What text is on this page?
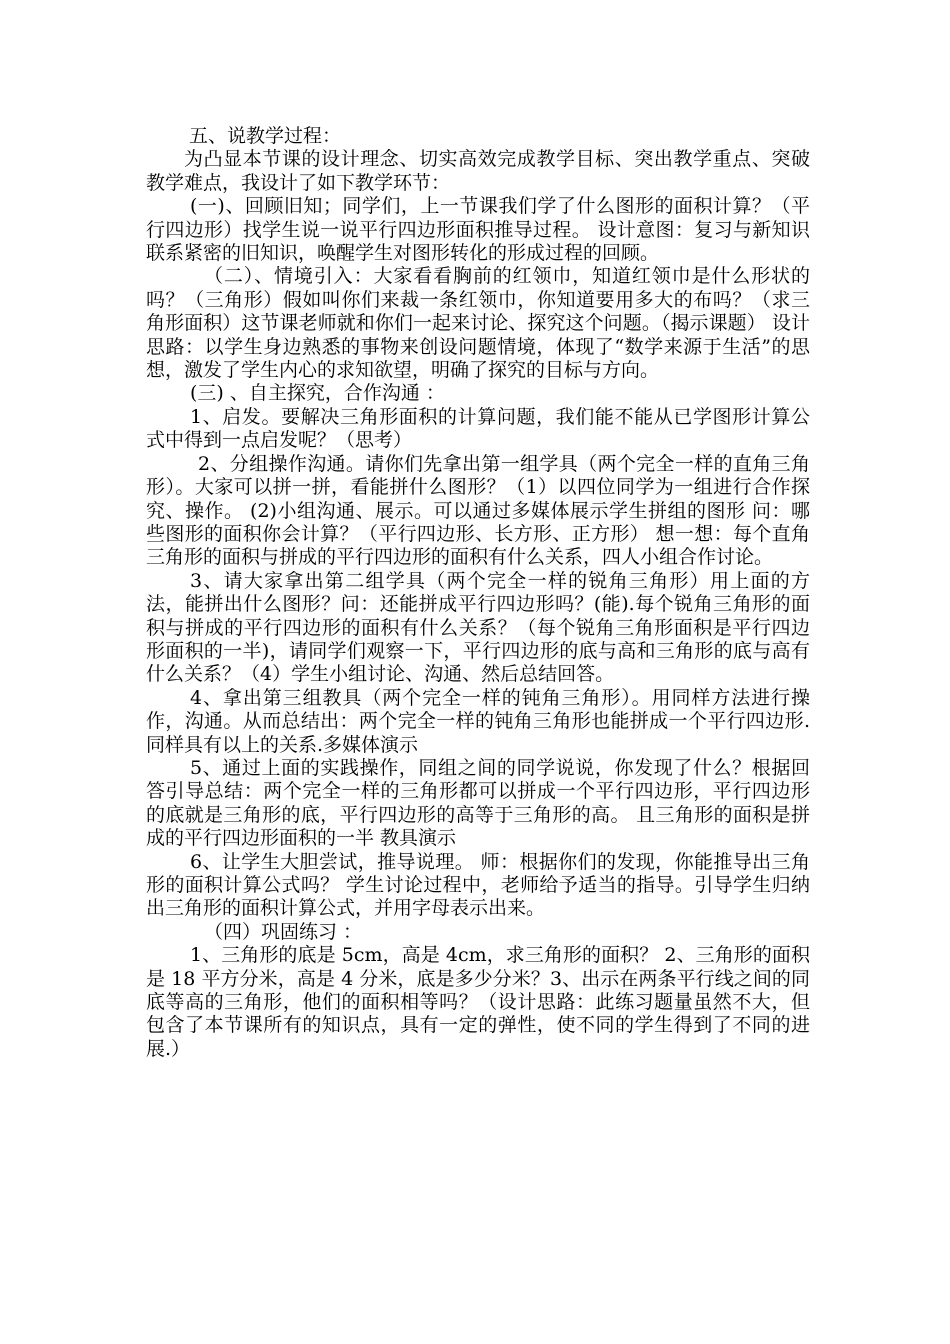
五、说教学过程：

为凸显本节课的设计理念、切实高效完成教学目标、突出教学重点、突破教学难点，我设计了如下教学环节：

(一)、回顾旧知；同学们，上一节课我们学了什么图形的面积计算？（平行四边形）找学生说一说平行四边形面积推导过程。 设计意图：复习与新知识联系紧密的旧知识，唤醒学生对图形转化的形成过程的回顾。

（二）、情境引入：大家看看胸前的红领巾，知道红领巾是什么形状的吗？（三角形）假如叫你们来裁一条红领巾，你知道要用多大的布吗？（求三角形面积）这节课老师就和你们一起来讨论、探究这个问题。（揭示课题） 设计思路：以学生身边熟悉的事物来创设问题情境，体现了“数学来源于生活”的思想，激发了学生内心的求知欲望，明确了探究的目标与方向。

(三) 、自主探究，合作沟通 ：

1、启发。要解决三角形面积的计算问题，我们能不能从已学图形计算公式中得到一点启发呢？（思考）

2、分组操作沟通。请你们先拿出第一组学具（两个完全一样的直角三角形）。大家可以拼一拼，看能拼什么图形？（1）以四位同学为一组进行合作探究、操作。 (2)小组沟通、展示。可以通过多媒体展示学生拼组的图形 问：哪些图形的面积你会计算？（平行四边形、长方形、正方形） 想一想：每个直角三角形的面积与拼成的平行四边形的面积有什么关系，四人小组合作讨论。

3、请大家拿出第二组学具（两个完全一样的锐角三角形）用上面的方法，能拼出什么图形？问：还能拼成平行四边形吗？(能).每个锐角三角形的面积与拼成的平行四边形的面积有什么关系？（每个锐角三角形面积是平行四边形面积的一半)，请同学们观察一下，平行四边形的底与高和三角形的底与高有什么关系？（4）学生小组讨论、沟通、然后总结回答。

4、拿出第三组教具（两个完全一样的钝角三角形）。用同样方法进行操作，沟通。从而总结出：两个完全一样的钝角三角形也能拼成一个平行四边形.同样具有以上的关系.多媒体演示

5、通过上面的实践操作，同组之间的同学说说，你发现了什么？根据回答引导总结：两个完全一样的三角形都可以拼成一个平行四边形，平行四边形的底就是三角形的底，平行四边形的高等于三角形的高。 且三角形的面积是拼成的平行四边形面积的一半 教具演示

6、让学生大胆尝试，推导说理。 师：根据你们的发现，你能推导出三角形的面积计算公式吗？ 学生讨论过程中，老师给予适当的指导。引导学生归纳出三角形的面积计算公式，并用字母表示出来。

（四）巩固练习 ：

1、三角形的底是 5cm，高是 4cm，求三角形的面积？ 2、三角形的面积是 18 平方分米，高是 4 分米，底是多少分米？3、出示在两条平行线之间的同底等高的三角形，他们的面积相等吗？（设计思路：此练习题量虽然不大，但包含了本节课所有的知识点，具有一定的弹性，使不同的学生得到了不同的进展.）
